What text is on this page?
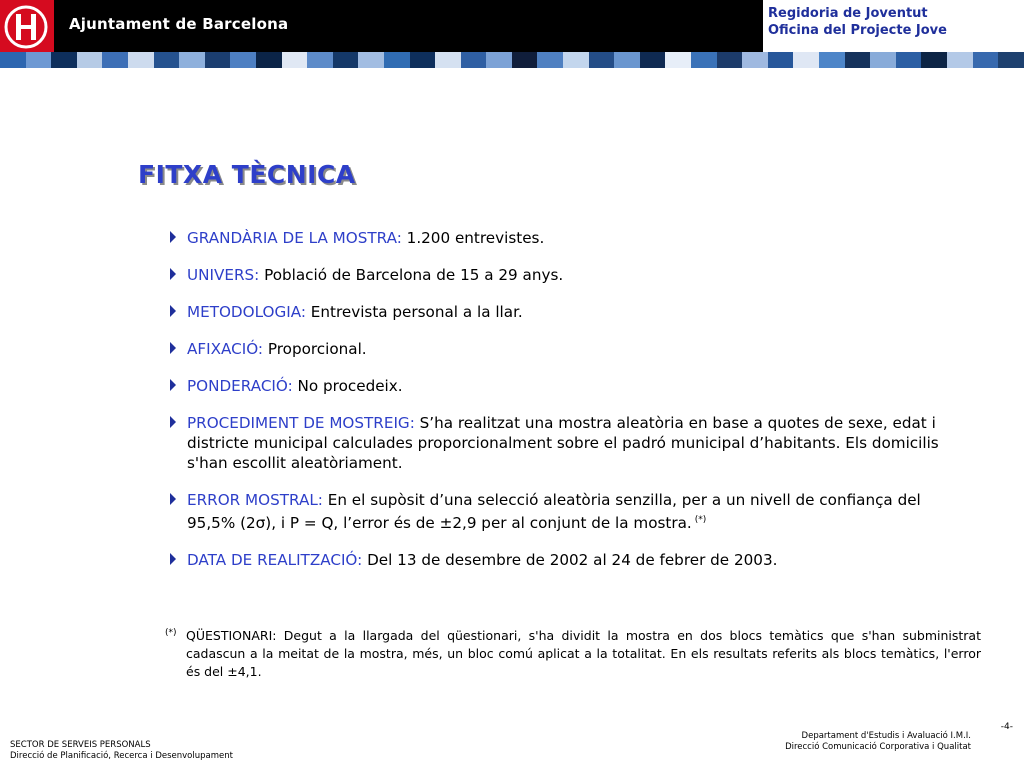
Ajuntament de Barcelona
Regidoria de Joventut
Oficina del Projecte Jove
FITXA TÈCNICA
GRANDÀRIA DE LA MOSTRA: 1.200 entrevistes.
UNIVERS: Població de Barcelona de 15 a 29 anys.
METODOLOGIA: Entrevista personal a la llar.
AFIXACIÓ: Proporcional.
PONDERACIÓ: No procedeix.
PROCEDIMENT DE MOSTREIG: S’ha realitzat una mostra aleatòria en base a quotes de sexe, edat i districte municipal calculades proporcionalment sobre el padró municipal d’habitants. Els domicilis s'han escollit aleatòriament.
ERROR MOSTRAL: En el supòsit d’una selecció aleatòria senzilla, per a un nivell de confiança del 95,5% (2σ), i P = Q, l’error és de ±2,9 per al conjunt de la mostra. (*)
DATA DE REALITZACIÓ: Del 13 de desembre de 2002 al 24 de febrer de 2003.
(*) QÜESTIONARI: Degut a la llargada del qüestionari, s'ha dividit la mostra en dos blocs temàtics que s'han subministrat cadascun a la meitat de la mostra, més, un bloc comú aplicat a la totalitat. En els resultats referits als blocs temàtics, l'error és del ±4,1.
SECTOR DE SERVEIS PERSONALS
Direcció de Planificació, Recerca i Desenvolupament
-4-
Departament d'Estudis i Avaluació I.M.I.
Direcció Comunicació Corporativa i Qualitat
